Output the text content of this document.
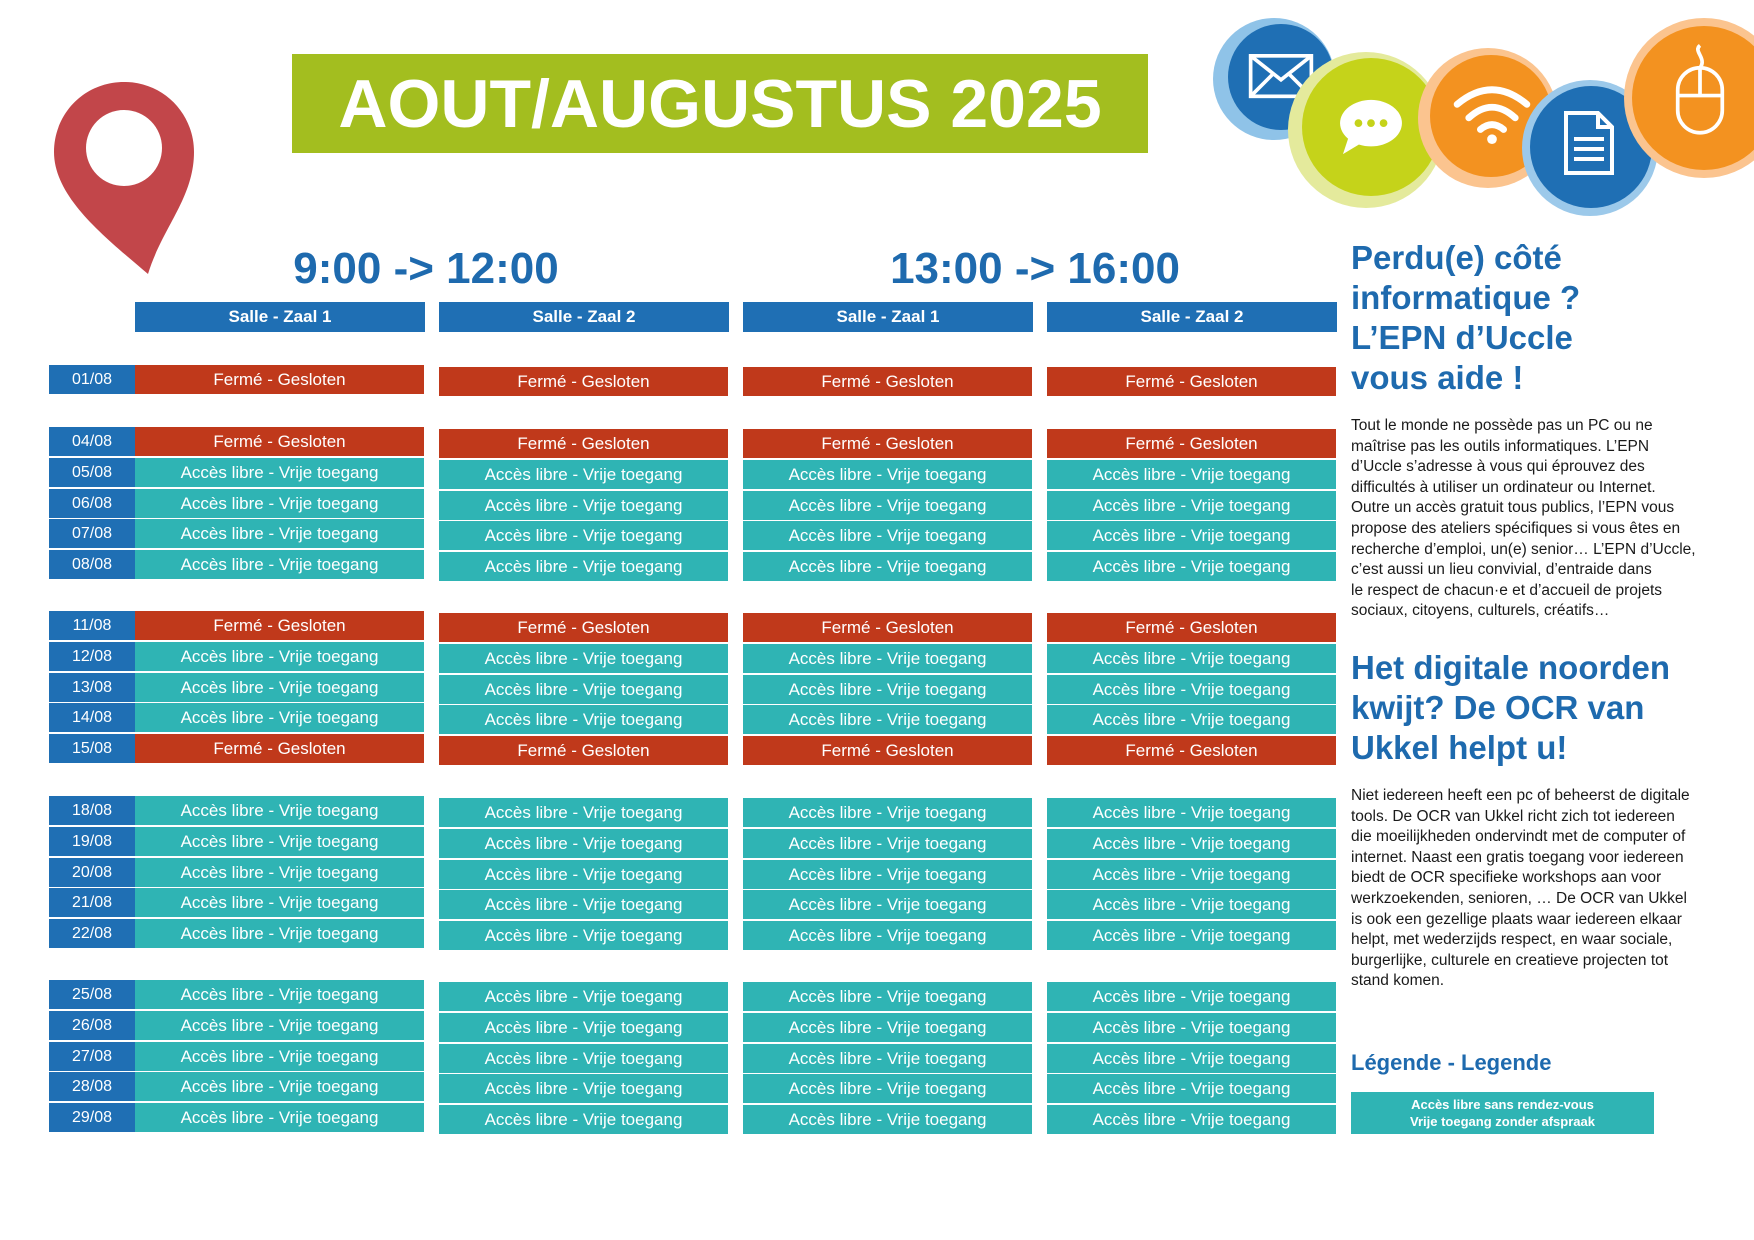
AOUT/AUGUSTUS 2025
9:00 -> 12:00	13:00 -> 16:00
Salle - Zaal 1	Salle - Zaal 2	Salle - Zaal 1	Salle - Zaal 2
01/08	Fermé - Gesloten	Fermé - Gesloten	Fermé - Gesloten	Fermé - Gesloten
04/08	Fermé - Gesloten	Fermé - Gesloten	Fermé - Gesloten	Fermé - Gesloten
05/08	Accès libre - Vrije toegang	Accès libre - Vrije toegang	Accès libre - Vrije toegang	Accès libre - Vrije toegang
06/08	Accès libre - Vrije toegang	Accès libre - Vrije toegang	Accès libre - Vrije toegang	Accès libre - Vrije toegang
07/08	Accès libre - Vrije toegang	Accès libre - Vrije toegang	Accès libre - Vrije toegang	Accès libre - Vrije toegang
08/08	Accès libre - Vrije toegang	Accès libre - Vrije toegang	Accès libre - Vrije toegang	Accès libre - Vrije toegang
11/08	Fermé - Gesloten	Fermé - Gesloten	Fermé - Gesloten	Fermé - Gesloten
12/08	Accès libre - Vrije toegang	Accès libre - Vrije toegang	Accès libre - Vrije toegang	Accès libre - Vrije toegang
13/08	Accès libre - Vrije toegang	Accès libre - Vrije toegang	Accès libre - Vrije toegang	Accès libre - Vrije toegang
14/08	Accès libre - Vrije toegang	Accès libre - Vrije toegang	Accès libre - Vrije toegang	Accès libre - Vrije toegang
15/08	Fermé - Gesloten	Fermé - Gesloten	Fermé - Gesloten	Fermé - Gesloten
18/08	Accès libre - Vrije toegang	Accès libre - Vrije toegang	Accès libre - Vrije toegang	Accès libre - Vrije toegang
19/08	Accès libre - Vrije toegang	Accès libre - Vrije toegang	Accès libre - Vrije toegang	Accès libre - Vrije toegang
20/08	Accès libre - Vrije toegang	Accès libre - Vrije toegang	Accès libre - Vrije toegang	Accès libre - Vrije toegang
21/08	Accès libre - Vrije toegang	Accès libre - Vrije toegang	Accès libre - Vrije toegang	Accès libre - Vrije toegang
22/08	Accès libre - Vrije toegang	Accès libre - Vrije toegang	Accès libre - Vrije toegang	Accès libre - Vrije toegang
25/08	Accès libre - Vrije toegang	Accès libre - Vrije toegang	Accès libre - Vrije toegang	Accès libre - Vrije toegang
26/08	Accès libre - Vrije toegang	Accès libre - Vrije toegang	Accès libre - Vrije toegang	Accès libre - Vrije toegang
27/08	Accès libre - Vrije toegang	Accès libre - Vrije toegang	Accès libre - Vrije toegang	Accès libre - Vrije toegang
28/08	Accès libre - Vrije toegang	Accès libre - Vrije toegang	Accès libre - Vrije toegang	Accès libre - Vrije toegang
29/08	Accès libre - Vrije toegang	Accès libre - Vrije toegang	Accès libre - Vrije toegang	Accès libre - Vrije toegang

Perdu(e) côté
informatique ?
L’EPN d’Uccle
vous aide !

Tout le monde ne possède pas un PC ou ne
maîtrise pas les outils informatiques. L’EPN
d’Uccle s’adresse à vous qui éprouvez des
difficultés à utiliser un ordinateur ou Internet.
Outre un accès gratuit tous publics, l’EPN vous
propose des ateliers spécifiques si vous êtes en
recherche d’emploi, un(e) senior… L’EPN d’Uccle,
c’est aussi un lieu convivial, d’entraide dans
le respect de chacun·e et d’accueil de projets
sociaux, citoyens, culturels, créatifs…

Het digitale noorden
kwijt? De OCR van
Ukkel helpt u!

Niet iedereen heeft een pc of beheerst de digitale
tools. De OCR van Ukkel richt zich tot iedereen
die moeilijkheden ondervindt met de computer of
internet. Naast een gratis toegang voor iedereen
biedt de OCR specifieke workshops aan voor
werkzoekenden, senioren, … De OCR van Ukkel
is ook een gezellige plaats waar iedereen elkaar
helpt, met wederzijds respect, en waar sociale,
burgerlijke, culturele en creatieve projecten tot
stand komen.

Légende - Legende
Accès libre sans rendez-vous
Vrije toegang zonder afspraak
